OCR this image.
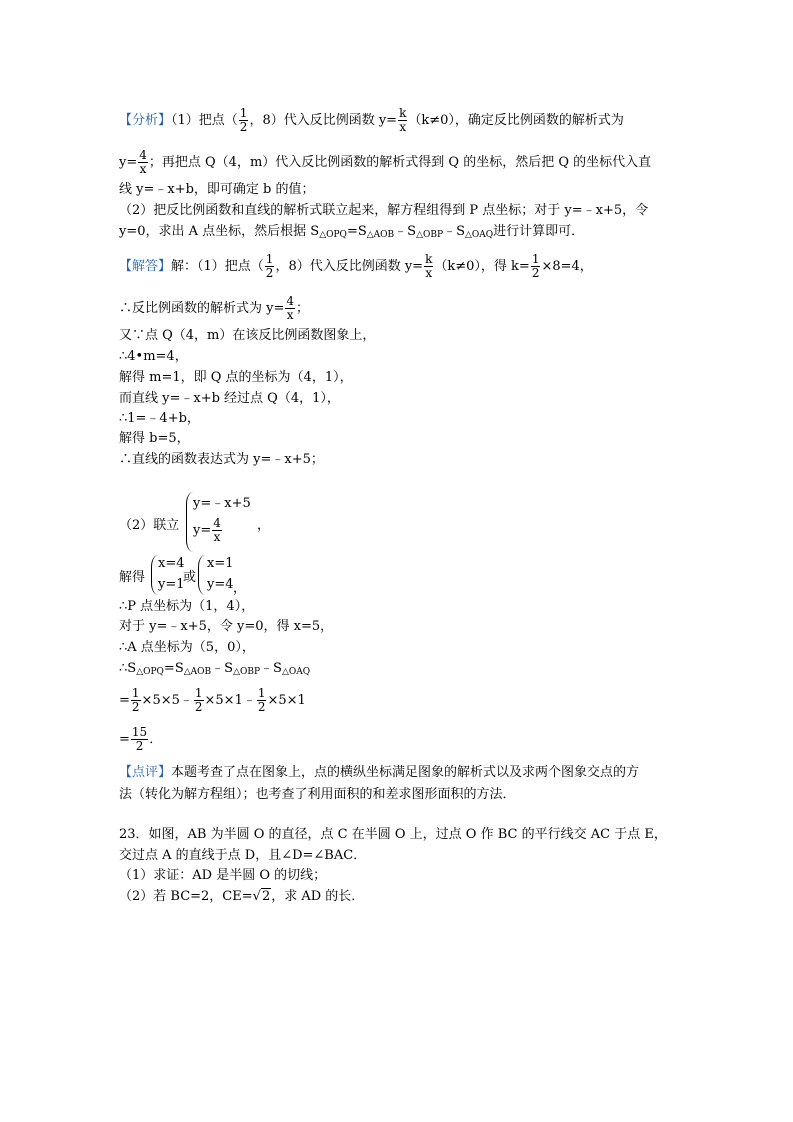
【分析】（1）把点（ $\frac{1}{2}$ ，8）代入反比例函数 $y= \frac{k}{x} (k\ne 0)$，确定反比例函数的解析式为
$y= \frac{4}{x}$ ；再把点 Q（4，m）代入反比例函数的解析式得到 Q 的坐标，然后把 Q 的坐标代入直
线 y=﹣x+b，即可确定 b 的值；
（2）把反比例函数和直线的解析式联立起来，解方程组得到 P 点坐标；对于 y=﹣x+5，令
y=0，求出 A 点坐标，然后根据 $S_{\triangle OPQ}=S_{\triangle AOB}﹣S_{\triangle OBP}﹣S_{\triangle OAQ}$进行计算即可．
【解答】解：（1）把点（ $\frac{1}{2}$ ，8）代入反比例函数 $y= \frac{k}{x} (k\ne 0)$，得 $k= \frac{1}{2} \times 8=4$，
∴反比例函数的解析式为 $y= \frac{4}{x}$ ；
又∵点 Q（4，m）在该反比例函数图象上，
∴4•m=4，
解得 m=1，即 Q 点的坐标为（4，1），
而直线 y=﹣x+b 经过点 Q（4，1），
∴1=﹣4+b，
解得 b=5，
∴直线的函数表达式为 y=﹣x+5；
（2）联立
y=﹣x+5
$y= \frac{4}{x}$	，
解得
x=4
y=1
或
x=1
y=4 ，
∴P 点坐标为（1，4），
对于 y=﹣x+5，令 y=0，得 x=5，
∴A 点坐标为（5，0），
$\therefore S_{\triangle OPQ}=S_{\triangle AOB}﹣S_{\triangle OBP}﹣S_{\triangle OAQ}$
= $\frac{1}{2}$ ×5×5﹣ $\frac{1}{2}$ ×5×1﹣ $\frac{1}{2} \times 5\times 1$
= $\frac{15}{2}$ ．
【点评】本题考查了点在图象上，点的横纵坐标满足图象的解析式以及求两个图象交点的方
法（转化为解方程组）；也考查了利用面积的和差求图形面积的方法．
23．如图，AB 为半圆 O 的直径，点 C 在半圆 O 上，过点 O 作 BC 的平行线交 AC 于点 E，
交过点 A 的直线于点 D，且∠D=∠BAC．
（1）求证：AD 是半圆 O 的切线；
（2）若 BC=2，CE=√2，求 AD 的长．
